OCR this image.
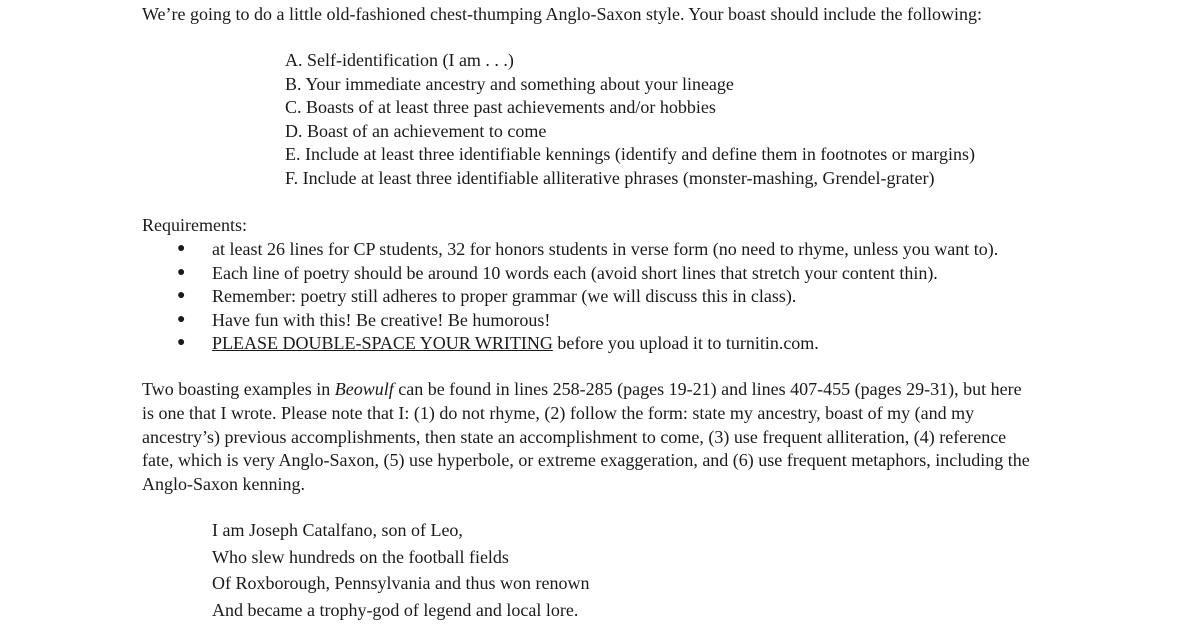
We’re going to do a little old-fashioned chest-thumping Anglo-Saxon style. Your boast should include the following:
A. Self-identification (I am . . .)
B. Your immediate ancestry and something about your lineage
C. Boasts of at least three past achievements and/or hobbies
D. Boast of an achievement to come
E. Include at least three identifiable kennings (identify and define them in footnotes or margins)
F. Include at least three identifiable alliterative phrases (monster-mashing, Grendel-grater)
Requirements:
● at least 26 lines for CP students, 32 for honors students in verse form (no need to rhyme, unless you want to).
● Each line of poetry should be around 10 words each (avoid short lines that stretch your content thin).
● Remember: poetry still adheres to proper grammar (we will discuss this in class).
● Have fun with this! Be creative! Be humorous!
● PLEASE DOUBLE-SPACE YOUR WRITING before you upload it to turnitin.com.
Two boasting examples in Beowulf can be found in lines 258-285 (pages 19-21) and lines 407-455 (pages 29-31), but here
is one that I wrote. Please note that I: (1) do not rhyme, (2) follow the form: state my ancestry, boast of my (and my
ancestry’s) previous accomplishments, then state an accomplishment to come, (3) use frequent alliteration, (4) reference
fate, which is very Anglo-Saxon, (5) use hyperbole, or extreme exaggeration, and (6) use frequent metaphors, including the
Anglo-Saxon kenning.
I am Joseph Catalfano, son of Leo,
Who slew hundreds on the football fields
Of Roxborough, Pennsylvania and thus won renown
And became a trophy-god of legend and local lore.
